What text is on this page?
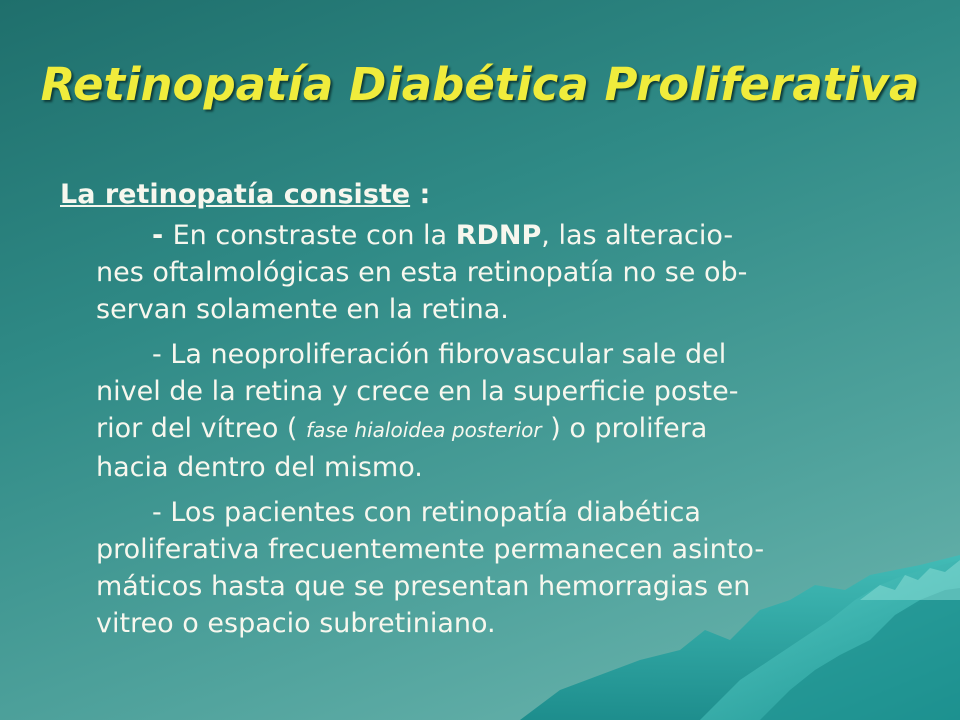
Retinopatía Diabética Proliferativa
La retinopatía consiste :
- En constraste con la RDNP, las alteracio-
nes oftalmológicas en esta retinopatía no se ob-
servan solamente en la retina.
- La neoproliferación fibrovascular sale del
nivel de la retina y crece en la superficie poste-
rior del vítreo ( fase hialoidea posterior ) o prolifera
hacia dentro del mismo.
- Los pacientes con retinopatía diabética
proliferativa frecuentemente permanecen asinto-
máticos hasta que se presentan hemorragias en
vitreo o espacio subretiniano.
